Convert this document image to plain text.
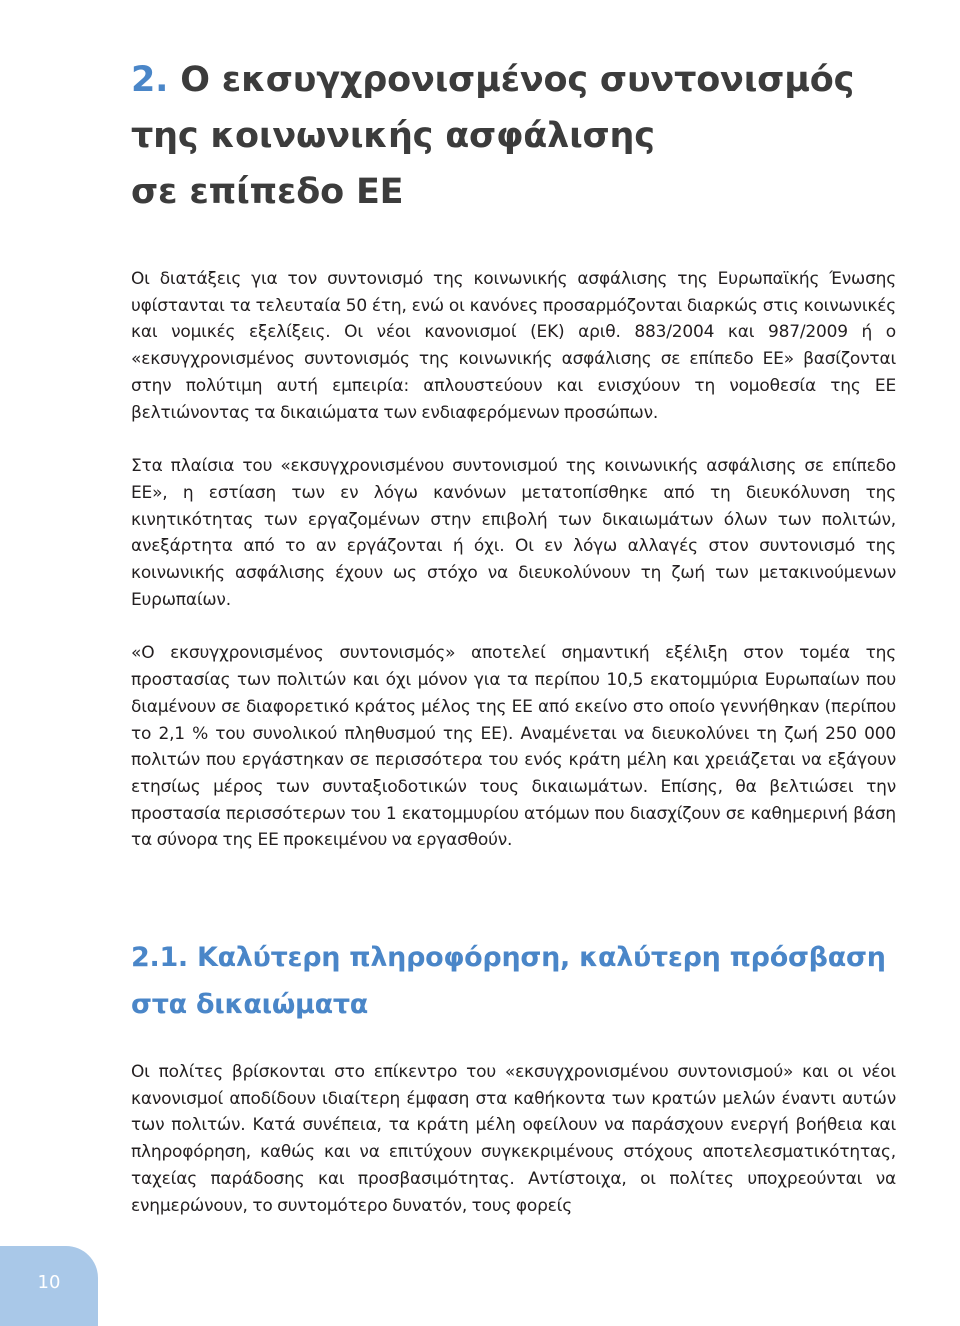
2. Ο εκσυγχρονισμένος συντονισμός
της κοινωνικής ασφάλισης
σε επίπεδο ΕΕ

Οι διατάξεις για τον συντονισμό της κοινωνικής ασφάλισης της Ευρωπαϊκής Ένωσης υφίστανται τα τελευταία 50 έτη, ενώ οι κανόνες προσαρμόζονται διαρκώς στις κοινωνικές και νομικές εξελίξεις. Οι νέοι κανονισμοί (ΕΚ) αριθ. 883/2004 και 987/2009 ή ο «εκσυγχρονισμένος συντονισμός της κοινωνικής ασφάλισης σε επίπεδο ΕΕ» βασίζονται στην πολύτιμη αυτή εμπειρία: απλουστεύουν και ενισχύουν τη νομοθεσία της ΕΕ βελτιώνοντας τα δικαιώματα των ενδιαφερόμενων προσώπων.

Στα πλαίσια του «εκσυγχρονισμένου συντονισμού της κοινωνικής ασφάλισης σε επίπεδο ΕΕ», η εστίαση των εν λόγω κανόνων μετατοπίσθηκε από τη διευκόλυνση της κινητικότητας των εργαζομένων στην επιβολή των δικαιωμάτων όλων των πολιτών, ανεξάρτητα από το αν εργάζονται ή όχι. Οι εν λόγω αλλαγές στον συντονισμό της κοινωνικής ασφάλισης έχουν ως στόχο να διευκολύνουν τη ζωή των μετακινούμενων Ευρωπαίων.

«Ο εκσυγχρονισμένος συντονισμός» αποτελεί σημαντική εξέλιξη στον τομέα της προστασίας των πολιτών και όχι μόνον για τα περίπου 10,5 εκατομμύρια Ευρωπαίων που διαμένουν σε διαφορετικό κράτος μέλος της ΕΕ από εκείνο στο οποίο γεννήθηκαν (περίπου το 2,1 % του συνολικού πληθυσμού της ΕΕ). Αναμένεται να διευκολύνει τη ζωή 250 000 πολιτών που εργάστηκαν σε περισσότερα του ενός κράτη μέλη και χρειάζεται να εξάγουν ετησίως μέρος των συνταξιοδοτικών τους δικαιωμάτων. Επίσης, θα βελτιώσει την προστασία περισσότερων του 1 εκατομμυρίου ατόμων που διασχίζουν σε καθημερινή βάση τα σύνορα της ΕΕ προκειμένου να εργασθούν.

2.1. Καλύτερη πληροφόρηση, καλύτερη πρόσβαση
στα δικαιώματα

Οι πολίτες βρίσκονται στο επίκεντρο του «εκσυγχρονισμένου συντονισμού» και οι νέοι κανονισμοί αποδίδουν ιδιαίτερη έμφαση στα καθήκοντα των κρατών μελών έναντι αυτών των πολιτών. Κατά συνέπεια, τα κράτη μέλη οφείλουν να παράσχουν ενεργή βοήθεια και πληροφόρηση, καθώς και να επιτύχουν συγκεκριμένους στόχους αποτελεσματικότητας, ταχείας παράδοσης και προσβασιμότητας. Αντίστοιχα, οι πολίτες υποχρεούνται να ενημερώνουν, το συντομότερο δυνατόν, τους φορείς

10
